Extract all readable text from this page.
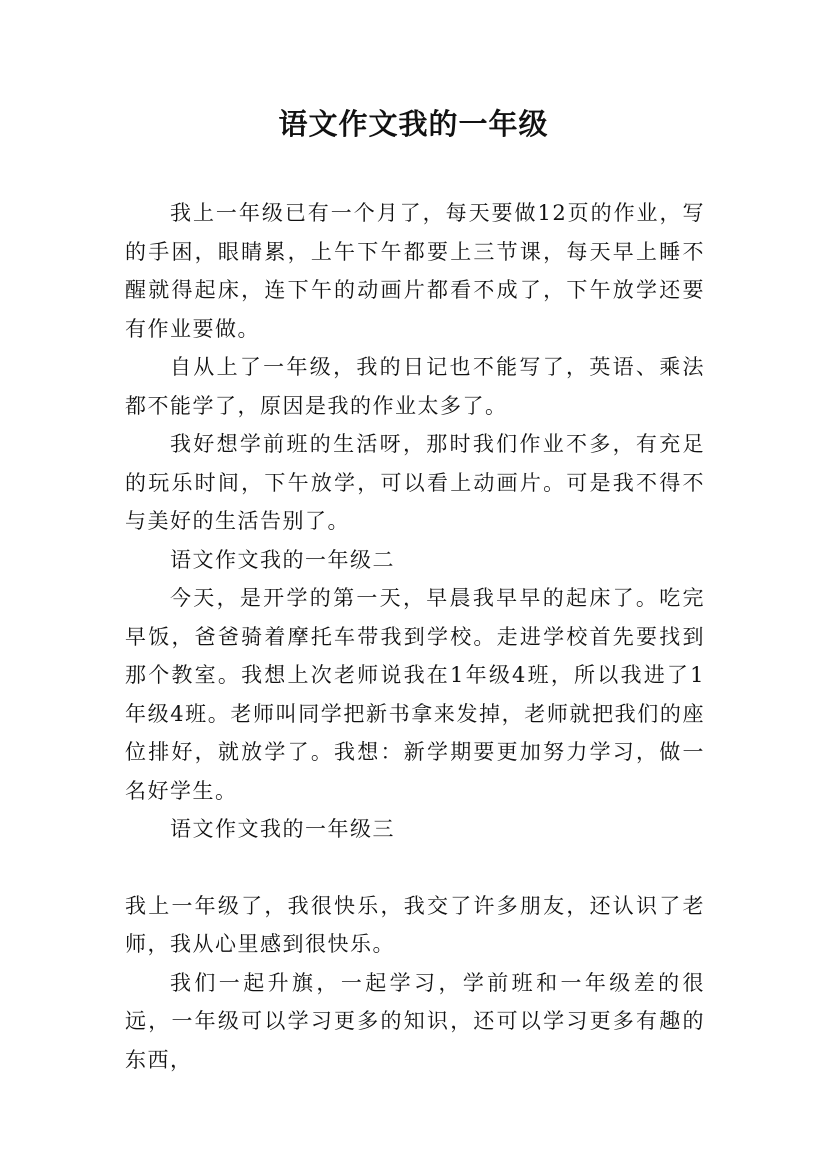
语文作文我的一年级

我上一年级已有一个月了，每天要做12页的作业，写的手困，眼睛累，上午下午都要上三节课，每天早上睡不醒就得起床，连下午的动画片都看不成了，下午放学还要有作业要做。

自从上了一年级，我的日记也不能写了，英语、乘法都不能学了，原因是我的作业太多了。

我好想学前班的生活呀，那时我们作业不多，有充足的玩乐时间，下午放学，可以看上动画片。可是我不得不与美好的生活告别了。

语文作文我的一年级二

今天，是开学的第一天，早晨我早早的起床了。吃完早饭，爸爸骑着摩托车带我到学校。走进学校首先要找到那个教室。我想上次老师说我在1年级4班，所以我进了1年级4班。老师叫同学把新书拿来发掉，老师就把我们的座位排好，就放学了。我想：新学期要更加努力学习，做一名好学生。

语文作文我的一年级三

我上一年级了，我很快乐，我交了许多朋友，还认识了老师，我从心里感到很快乐。

我们一起升旗，一起学习，学前班和一年级差的很远，一年级可以学习更多的知识，还可以学习更多有趣的东西，
